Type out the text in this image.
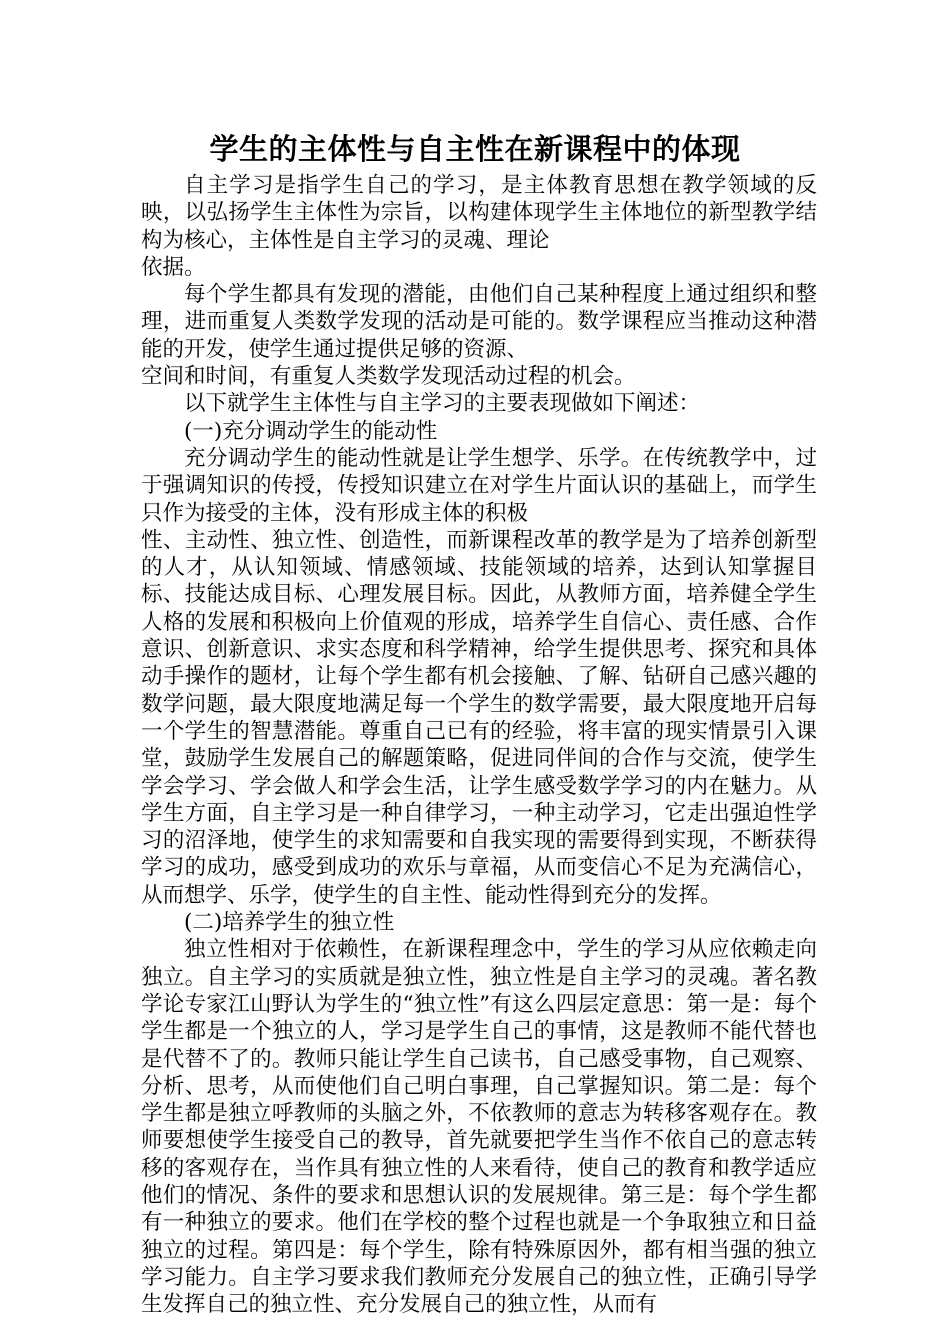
学生的主体性与自主性在新课程中的体现

自主学习是指学生自己的学习，是主体教育思想在教学领域的反映，以弘扬学生主体性为宗旨，以构建体现学生主体地位的新型教学结构为核心，主体性是自主学习的灵魂、理论

依据。

每个学生都具有发现的潜能，由他们自己某种程度上通过组织和整理，进而重复人类数学发现的活动是可能的。数学课程应当推动这种潜能的开发，使学生通过提供足够的资源、

空间和时间，有重复人类数学发现活动过程的机会。

以下就学生主体性与自主学习的主要表现做如下阐述：

(一)充分调动学生的能动性

充分调动学生的能动性就是让学生想学、乐学。在传统教学中，过于强调知识的传授，传授知识建立在对学生片面认识的基础上，而学生只作为接受的主体，没有形成主体的积极

性、主动性、独立性、创造性，而新课程改革的教学是为了培养创新型的人才，从认知领域、情感领域、技能领域的培养，达到认知掌握目标、技能达成目标、心理发展目标。因此，从教师方面，培养健全学生人格的发展和积极向上价值观的形成，培养学生自信心、责任感、合作意识、创新意识、求实态度和科学精神，给学生提供思考、探究和具体动手操作的题材，让每个学生都有机会接触、了解、钻研自己感兴趣的数学问题，最大限度地满足每一个学生的数学需要，最大限度地开启每一个学生的智慧潜能。尊重自己已有的经验，将丰富的现实情景引入课堂，鼓励学生发展自己的解题策略，促进同伴间的合作与交流，使学生学会学习、学会做人和学会生活，让学生感受数学学习的内在魅力。从学生方面，自主学习是一种自律学习，一种主动学习，它走出强迫性学习的沼泽地，使学生的求知需要和自我实现的需要得到实现，不断获得学习的成功，感受到成功的欢乐与章福，从而变信心不足为充满信心，从而想学、乐学，使学生的自主性、能动性得到充分的发挥。

(二)培养学生的独立性

独立性相对于依赖性，在新课程理念中，学生的学习从应依赖走向独立。自主学习的实质就是独立性，独立性是自主学习的灵魂。著名教学论专家江山野认为学生的“独立性”有这么四层定意思：第一是：每个学生都是一个独立的人，学习是学生自己的事情，这是教师不能代替也是代替不了的。教师只能让学生自己读书，自己感受事物，自己观察、分析、思考，从而使他们自己明白事理，自己掌握知识。第二是：每个学生都是独立呼教师的头脑之外，不依教师的意志为转移客观存在。教师要想使学生接受自己的教导，首先就要把学生当作不依自己的意志转移的客观存在，当作具有独立性的人来看待，使自己的教育和教学适应他们的情况、条件的要求和思想认识的发展规律。第三是：每个学生都有一种独立的要求。他们在学校的整个过程也就是一个争取独立和日益独立的过程。第四是：每个学生，除有特殊原因外，都有相当强的独立学习能力。自主学习要求我们教师充分发展自己的独立性，正确引导学生发挥自己的独立性、充分发展自己的独立性，从而有
